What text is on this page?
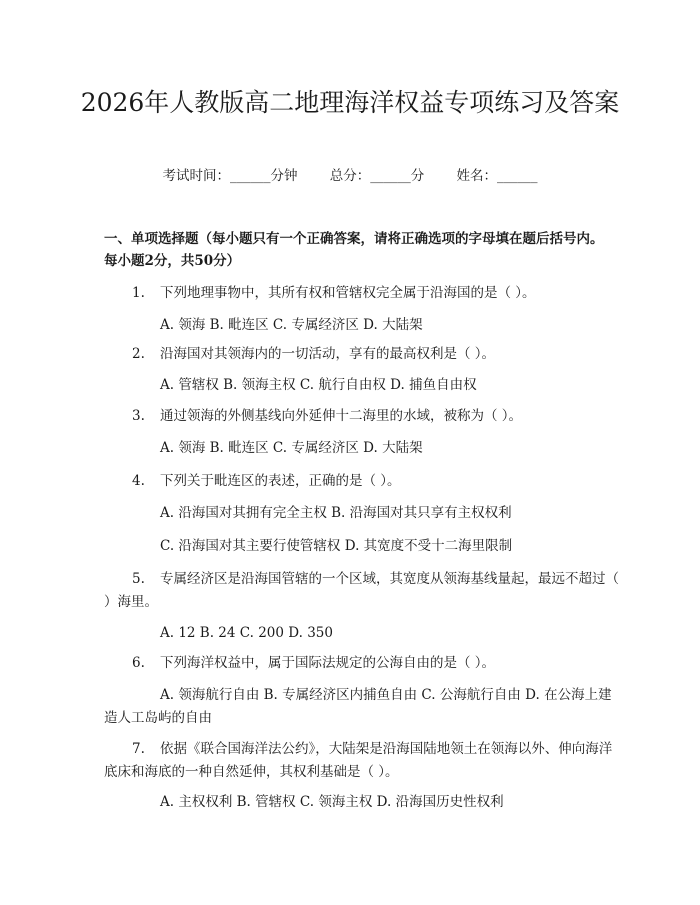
2026年人教版高二地理海洋权益专项练习及答案
考试时间：______分钟 总分：______分 姓名：______

一、单项选择题（每小题只有一个正确答案，请将正确选项的字母填在题后括号内。每小题2分，共50分）

1. 下列地理事物中，其所有权和管辖权完全属于沿海国的是（ ）。

A. 领海 B. 毗连区 C. 专属经济区 D. 大陆架

2. 沿海国对其领海内的一切活动，享有的最高权利是（ ）。

A. 管辖权 B. 领海主权 C. 航行自由权 D. 捕鱼自由权

3. 通过领海的外侧基线向外延伸十二海里的水域，被称为（ ）。

A. 领海 B. 毗连区 C. 专属经济区 D. 大陆架

4. 下列关于毗连区的表述，正确的是（ ）。

A. 沿海国对其拥有完全主权 B. 沿海国对其只享有主权权利

C. 沿海国对其主要行使管辖权 D. 其宽度不受十二海里限制

5. 专属经济区是沿海国管辖的一个区域，其宽度从领海基线量起，最远不超过（ ）海里。

A. 12 B. 24 C. 200 D. 350

6. 下列海洋权益中，属于国际法规定的公海自由的是（ ）。

A. 领海航行自由 B. 专属经济区内捕鱼自由 C. 公海航行自由 D. 在公海上建造人工岛屿的自由

7. 依据《联合国海洋法公约》，大陆架是沿海国陆地领土在领海以外、伸向海洋底床和海底的一种自然延伸，其权利基础是（ ）。

A. 主权权利 B. 管辖权 C. 领海主权 D. 沿海国历史性权利
